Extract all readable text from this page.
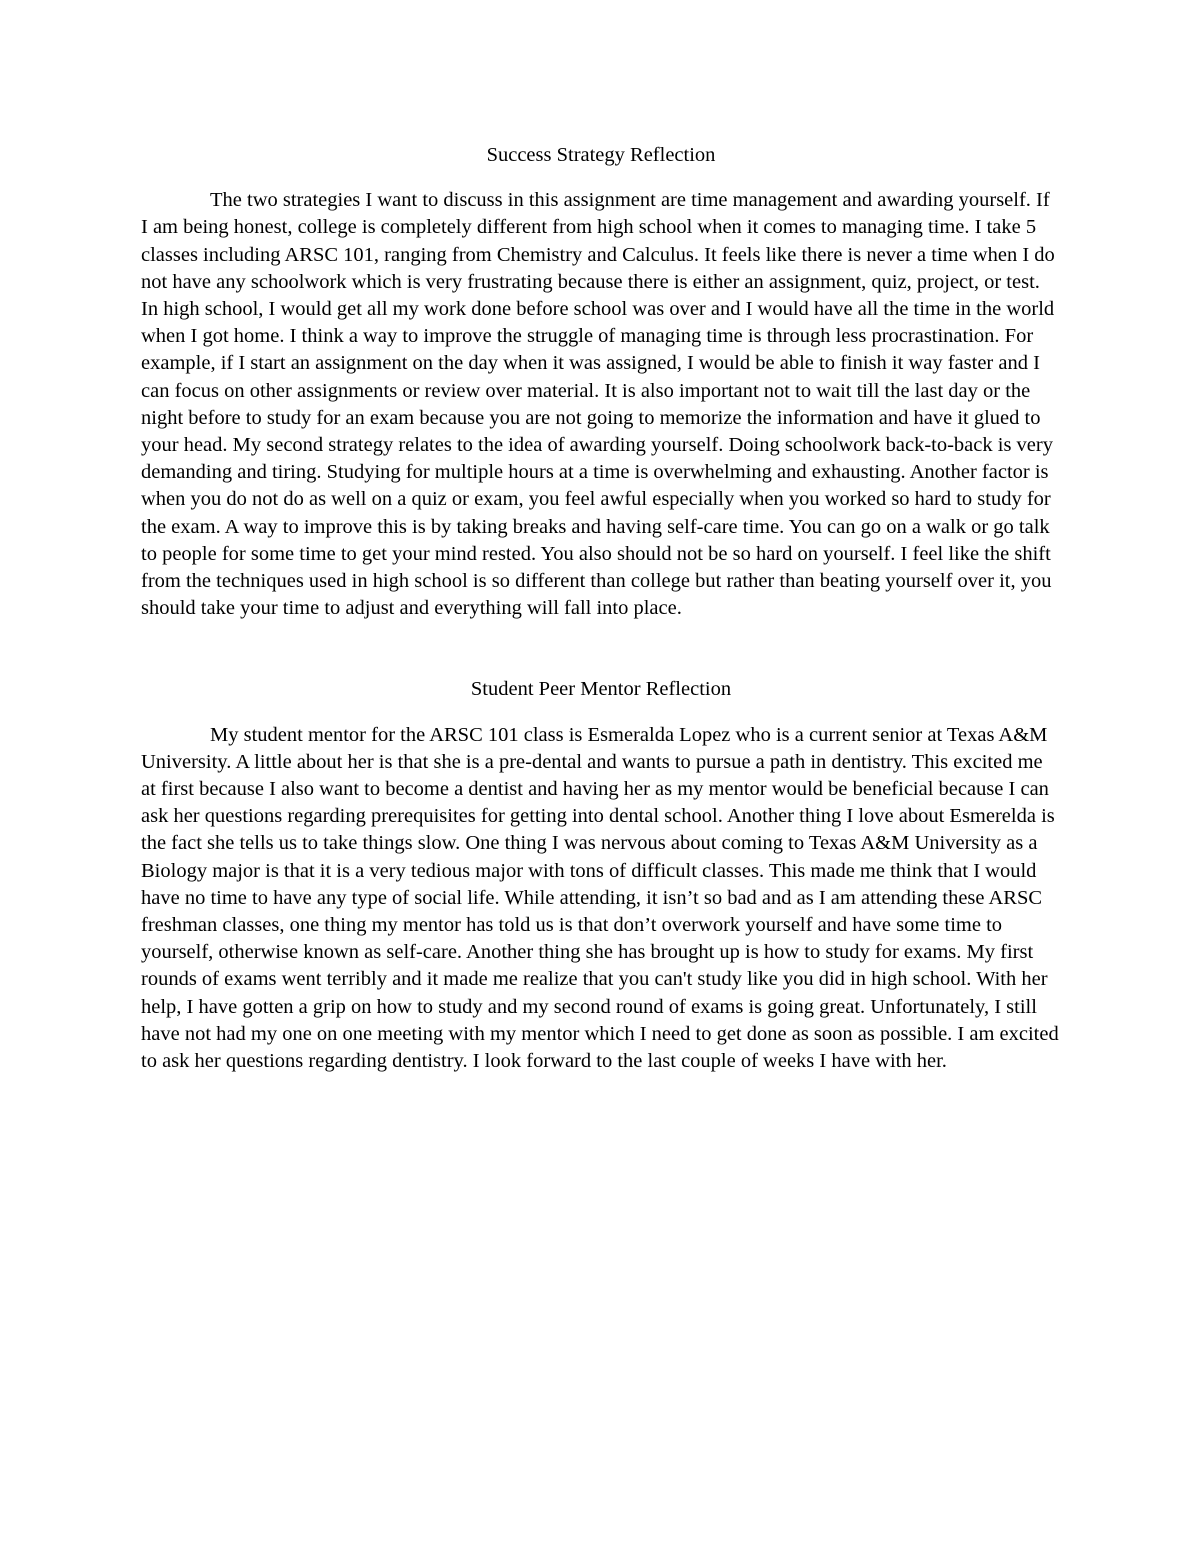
Success Strategy Reflection

The two strategies I want to discuss in this assignment are time management and awarding yourself. If I am being honest, college is completely different from high school when it comes to managing time. I take 5 classes including ARSC 101, ranging from Chemistry and Calculus. It feels like there is never a time when I do not have any schoolwork which is very frustrating because there is either an assignment, quiz, project, or test. In high school, I would get all my work done before school was over and I would have all the time in the world when I got home. I think a way to improve the struggle of managing time is through less procrastination. For example, if I start an assignment on the day when it was assigned, I would be able to finish it way faster and I can focus on other assignments or review over material. It is also important not to wait till the last day or the night before to study for an exam because you are not going to memorize the information and have it glued to your head. My second strategy relates to the idea of awarding yourself. Doing schoolwork back-to-back is very demanding and tiring. Studying for multiple hours at a time is overwhelming and exhausting. Another factor is when you do not do as well on a quiz or exam, you feel awful especially when you worked so hard to study for the exam. A way to improve this is by taking breaks and having self-care time. You can go on a walk or go talk to people for some time to get your mind rested. You also should not be so hard on yourself. I feel like the shift from the techniques used in high school is so different than college but rather than beating yourself over it, you should take your time to adjust and everything will fall into place.

Student Peer Mentor Reflection

My student mentor for the ARSC 101 class is Esmeralda Lopez who is a current senior at Texas A&M University. A little about her is that she is a pre-dental and wants to pursue a path in dentistry. This excited me at first because I also want to become a dentist and having her as my mentor would be beneficial because I can ask her questions regarding prerequisites for getting into dental school. Another thing I love about Esmerelda is the fact she tells us to take things slow. One thing I was nervous about coming to Texas A&M University as a Biology major is that it is a very tedious major with tons of difficult classes. This made me think that I would have no time to have any type of social life. While attending, it isn’t so bad and as I am attending these ARSC freshman classes, one thing my mentor has told us is that don’t overwork yourself and have some time to yourself, otherwise known as self-care. Another thing she has brought up is how to study for exams. My first rounds of exams went terribly and it made me realize that you can't study like you did in high school. With her help, I have gotten a grip on how to study and my second round of exams is going great. Unfortunately, I still have not had my one on one meeting with my mentor which I need to get done as soon as possible. I am excited to ask her questions regarding dentistry. I look forward to the last couple of weeks I have with her.
